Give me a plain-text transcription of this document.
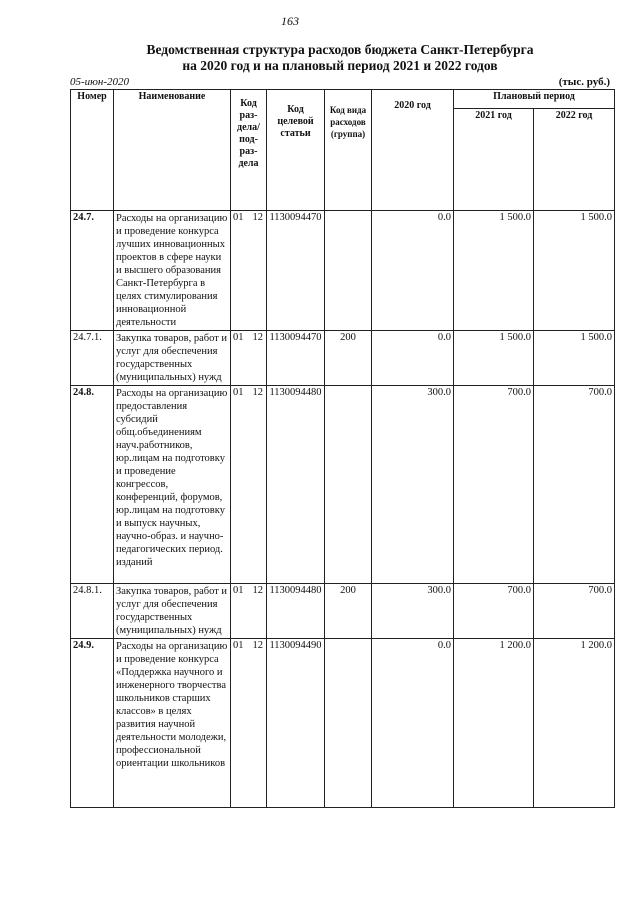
163
Ведомственная структура расходов бюджета Санкт-Петербурга
на 2020 год и на плановый период 2021 и 2022 годов
05-июн-2020	(тыс. руб.)
Номер	Наименование	Код раз- дела/ под- раз- дела	Код целевой статьи	Код вида расходов (группа)	2020 год	Плановый период	
						2021 год	2022 год
24.7.	Расходы на организацию и проведение конкурса лучших инновационных проектов в сфере науки и высшего образования Санкт-Петербурга в целях стимулирования инновационной деятельности	01 12	1130094470		0.0	1 500.0	1 500.0
24.7.1.	Закупка товаров, работ и услуг для обеспечения государственных (муниципальных) нужд	01 12	1130094470	200	0.0	1 500.0	1 500.0
24.8.	Расходы на организацию предоставления субсидий общ.объединениям науч.работников, юр.лицам на подготовку и проведение конгрессов, конференций, форумов, юр.лицам на подготовку и выпуск научных, научно-образ. и научно-педагогических период. изданий	01 12	1130094480		300.0	700.0	700.0
24.8.1.	Закупка товаров, работ и услуг для обеспечения государственных (муниципальных) нужд	01 12	1130094480	200	300.0	700.0	700.0
24.9.	Расходы на организацию и проведение конкурса «Поддержка научного и инженерного творчества школьников старших классов» в целях развития научной деятельности молодежи, профессиональной ориентации школьников	01 12	1130094490		0.0	1 200.0	1 200.0
